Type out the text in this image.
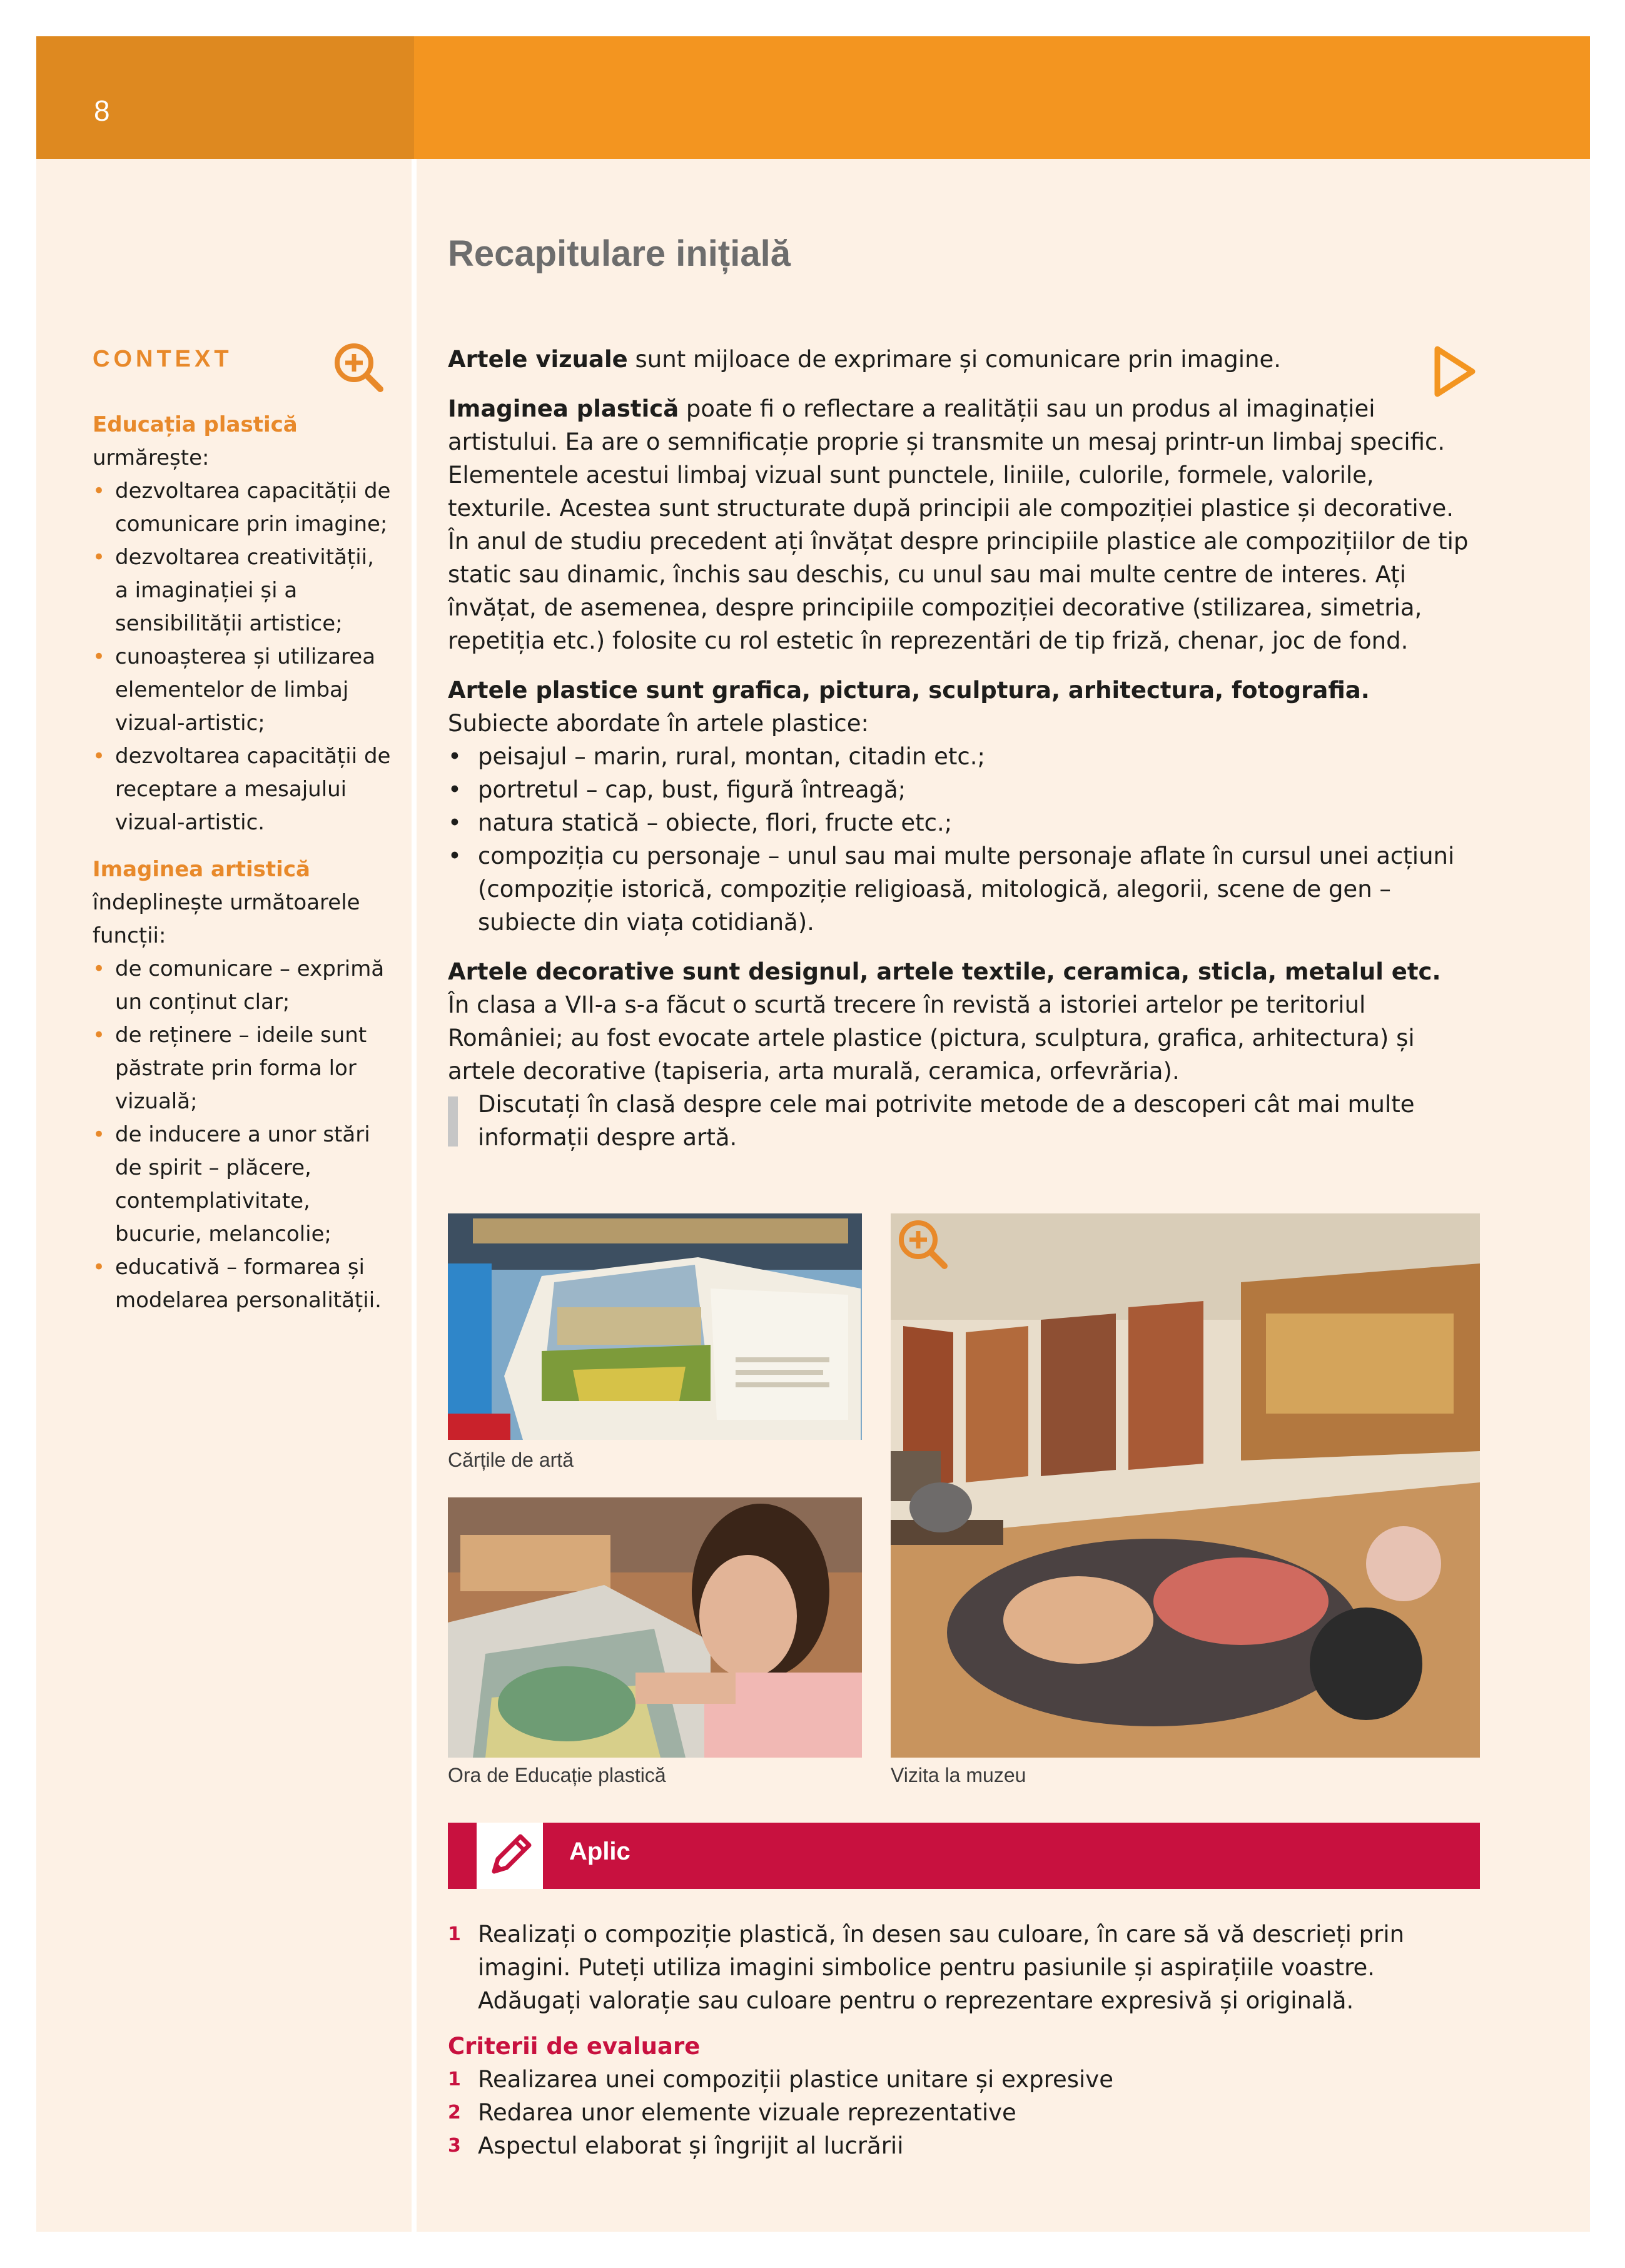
8
Recapitulare inițială
CONTEXT
Educația plastică
urmărește:
• dezvoltarea capacității de comunicare prin imagine;
• dezvoltarea creativității, a imaginației și a sensibilității artistice;
• cunoașterea și utilizarea elementelor de limbaj vizual-artistic;
• dezvoltarea capacității de receptare a mesajului vizual-artistic.
Imaginea artistică
îndeplinește următoarele funcții:
• de comunicare – exprimă un conținut clar;
• de reținere – ideile sunt păstrate prin forma lor vizuală;
• de inducere a unor stări de spirit – plăcere, contemplativitate, bucurie, melancolie;
• educativă – formarea și modelarea personalității.

Artele vizuale sunt mijloace de exprimare și comunicare prin imagine.

Imaginea plastică poate fi o reflectare a realității sau un produs al imaginației artistului. Ea are o semnificație proprie și transmite un mesaj printr-un limbaj specific.

Elementele acestui limbaj vizual sunt punctele, liniile, culorile, formele, valorile, texturile. Acestea sunt structurate după principii ale compoziției plastice și decorative.

În anul de studiu precedent ați învățat despre principiile plastice ale compozițiilor de tip static sau dinamic, închis sau deschis, cu unul sau mai multe centre de interes. Ați învățat, de asemenea, despre principiile compoziției decorative (stilizarea, simetria, repetiția etc.) folosite cu rol estetic în reprezentări de tip friză, chenar, joc de fond.

Artele plastice sunt grafica, pictura, sculptura, arhitectura, fotografia.

Subiecte abordate în artele plastice:

• peisajul – marin, rural, montan, citadin etc.;
• portretul – cap, bust, figură întreagă;
• natura statică – obiecte, flori, fructe etc.;
• compoziția cu personaje – unul sau mai multe personaje aflate în cursul unei acțiuni (compoziție istorică, compoziție religioasă, mitologică, alegorii, scene de gen – subiecte din viața cotidiană).

Artele decorative sunt designul, artele textile, ceramica, sticla, metalul etc.

În clasa a VII-a s-a făcut o scurtă trecere în revistă a istoriei artelor pe teritoriul României; au fost evocate artele plastice (pictura, sculptura, grafica, arhitectura) și artele decorative (tapiseria, arta murală, ceramica, orfevrăria).

Discutați în clasă despre cele mai potrivite metode de a descoperi cât mai multe informații despre artă.
Cărțile de artă
Ora de Educație plastică	Vizita la muzeu
Aplic
1 Realizați o compoziție plastică, în desen sau culoare, în care să vă descrieți prin imagini. Puteți utiliza imagini simbolice pentru pasiunile și aspirațiile voastre. Adăugați valorație sau culoare pentru o reprezentare expresivă și originală.
Criterii de evaluare
1 Realizarea unei compoziții plastice unitare și expresive
2 Redarea unor elemente vizuale reprezentative
3 Aspectul elaborat și îngrijit al lucrării
